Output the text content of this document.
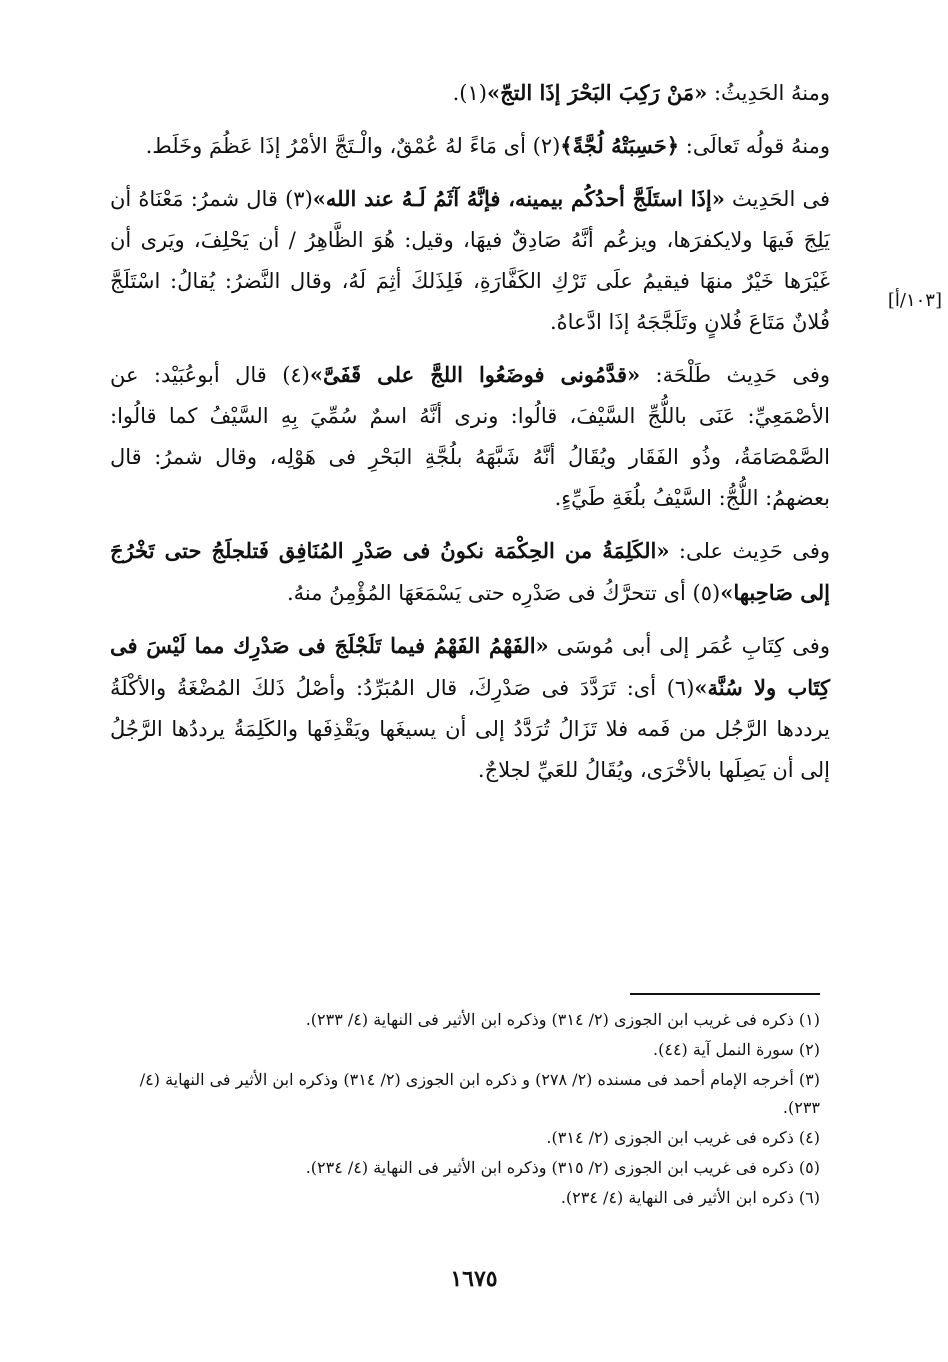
[١٠٣/أ]

ومنهُ الحَدِيثُ: «مَنْ رَكِبَ البَحْرَ إذَا التجّ»(١).

ومنهُ قولُه تَعالَى: ﴿حَسِبَتْهُ لُجَّةً﴾(٢) أى مَاءً لهُ عُمْقٌ، والْـتَجَّ الأمْرُ إذَا عَظُمَ وخَلَط.

فى الحَدِيث «إذَا استَلَجَّ أحدُكُم بيمينه، فإنَّهُ آثَمُ لَـهُ عند الله»(٣) قال شمرُ: مَعْنَاهُ أن يَلِجَ فَيهَا ولايكفرَها، ويزعُم أنَّهُ صَادِقٌ فيهَا، وقيل: هُوَ الظَّاهِرُ / أن يَحْلِفَ، ويَرى أن غَيْرَها خَيْرٌ منهَا فيقيمُ علَى تَرْكِ الكَفَّارَةِ، فَلِذَلكَ أثِمَ لَهُ، وقال النَّضرُ: يُقالُ: اسْتَلَجَّ فُلانٌ مَتَاعَ فُلانٍ وتَلَجَّجَهُ إذَا ادَّعاهُ.

وفى حَدِيث طَلْحَة: «قدَّمُونى فوضَعُوا اللجَّ على قَفَىَّ»(٤) قال أبوعُبَيْد: عن الأصْمَعِيِّ: عَنَى باللُّجِّ السَّيْفَ، قالُوا: ونرى أنَّهُ اسمٌ سُمِّيَ بِهِ السَّيْفُ كما قالُوا: الصَّمْصَامَةُ، وذُو الفَقَار ويُقَالُ أنَّهُ شَبَّهَهُ بلُجَّةِ البَحْرِ فى هَوْلِه، وقال شمرُ: قال بعضهمُ: اللُّجُّ: السَّيْفُ بلُغَةِ طَيِّءٍ.

وفى حَدِيث على: «الكَلِمَةُ من الحِكْمَة نكونُ فى صَدْرِ المُنَافِق فَتلجلَجُ حتى تَخْرُجَ إلى صَاحِبها»(٥) أى تتحرَّكُ فى صَدْرِه حتى يَسْمَعَهَا المُؤْمِنُ منهُ.

وفى كِتَابِ عُمَر إلى أبى مُوسَى «الفَهْمُ الفَهْمُ فيما تَلَجْلَجَ فى صَدْرِك مما لَيْسَ فى كِتَاب ولا سُنَّة»(٦) أى: تَرَدَّدَ فى صَدْرِكَ، قال المُبَرِّدُ: وأصْلُ ذَلكَ المُضْغَةُ والأكْلَةُ يرددها الرَّجُل من فَمه فلا تَزَالُ تُرَدَّدُ إلى أن يسيغَها ويَقْذِفَها والكَلِمَةُ يرددُها الرَّجُلُ إلى أن يَصِلَها بالأخْرَى، ويُقَالُ للعَيِّ لجلاجٌ.

(١) ذكره فى غريب ابن الجوزى (٢/ ٣١٤) وذكره ابن الأثير فى النهاية (٤/ ٢٣٣).
(٢) سورة النمل آية (٤٤).
(٣) أخرجه الإمام أحمد فى مسنده (٢/ ٢٧٨) و ذكره ابن الجوزى (٢/ ٣١٤) وذكره ابن الأثير فى النهاية (٤/ ٢٣٣).
(٤) ذكره فى غريب ابن الجوزى (٢/ ٣١٤).
(٥) ذكره فى غريب ابن الجوزى (٢/ ٣١٥) وذكره ابن الأثير فى النهاية (٤/ ٢٣٤).
(٦) ذكره ابن الأثير فى النهاية (٤/ ٢٣٤).
١٦٧٥
